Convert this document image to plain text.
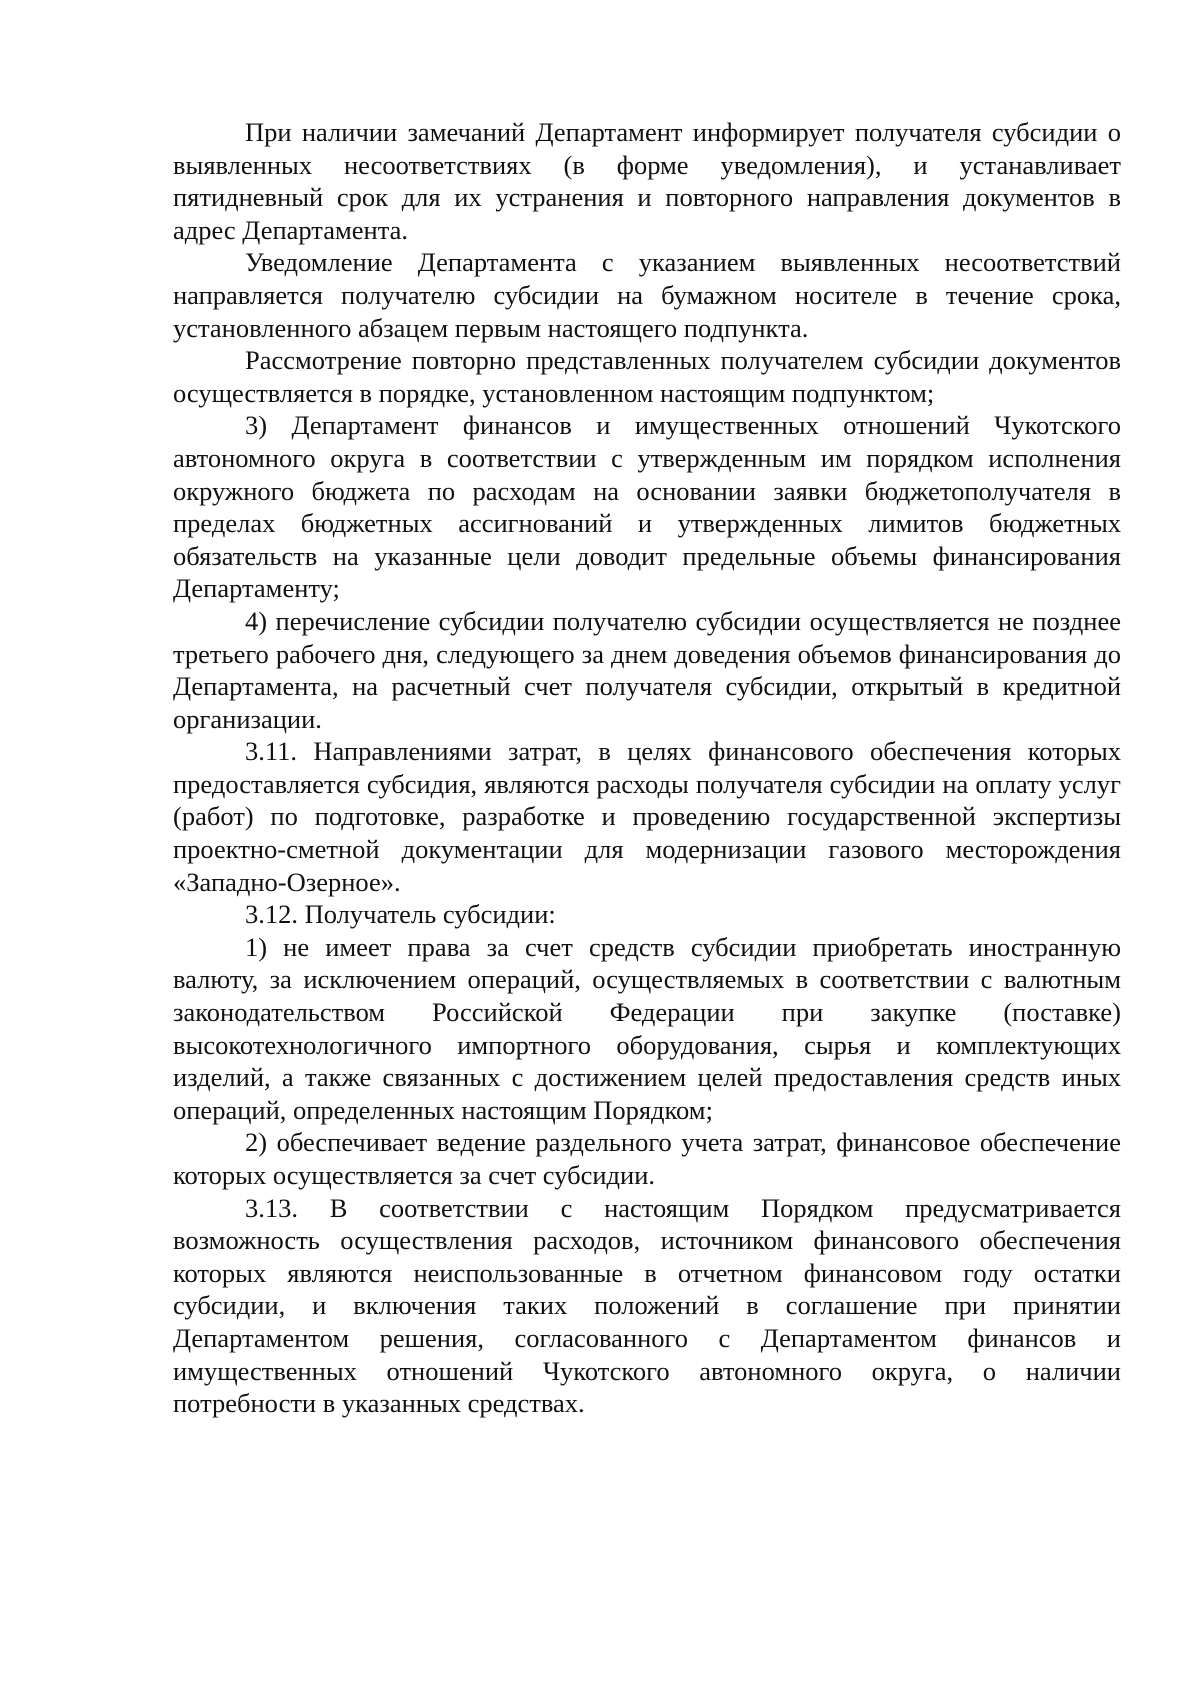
При наличии замечаний Департамент информирует получателя субсидии о выявленных несоответствиях (в форме уведомления), и устанавливает пятидневный срок для их устранения и повторного направления документов в адрес Департамента.

Уведомление Департамента с указанием выявленных несоответствий направляется получателю субсидии на бумажном носителе в течение срока, установленного абзацем первым настоящего подпункта.

Рассмотрение повторно представленных получателем субсидии документов осуществляется в порядке, установленном настоящим подпунктом;

3) Департамент финансов и имущественных отношений Чукотского автономного округа в соответствии с утвержденным им порядком исполнения окружного бюджета по расходам на основании заявки бюджетополучателя в пределах бюджетных ассигнований и утвержденных лимитов бюджетных обязательств на указанные цели доводит предельные объемы финансирования Департаменту;

4) перечисление субсидии получателю субсидии осуществляется не позднее третьего рабочего дня, следующего за днем доведения объемов финансирования до Департамента, на расчетный счет получателя субсидии, открытый в кредитной организации.

3.11. Направлениями затрат, в целях финансового обеспечения которых предоставляется субсидия, являются расходы получателя субсидии на оплату услуг (работ) по подготовке, разработке и проведению государственной экспертизы проектно-сметной документации для модернизации газового месторождения «Западно-Озерное».

3.12. Получатель субсидии:

1) не имеет права за счет средств субсидии приобретать иностранную валюту, за исключением операций, осуществляемых в соответствии с валютным законодательством Российской Федерации при закупке (поставке) высокотехнологичного импортного оборудования, сырья и комплектующих изделий, а также связанных с достижением целей предоставления средств иных операций, определенных настоящим Порядком;

2) обеспечивает ведение раздельного учета затрат, финансовое обеспечение которых осуществляется за счет субсидии.

3.13. В соответствии с настоящим Порядком предусматривается возможность осуществления расходов, источником финансового обеспечения которых являются неиспользованные в отчетном финансовом году остатки субсидии, и включения таких положений в соглашение при принятии Департаментом решения, согласованного с Департаментом финансов и имущественных отношений Чукотского автономного округа, о наличии потребности в указанных средствах.
